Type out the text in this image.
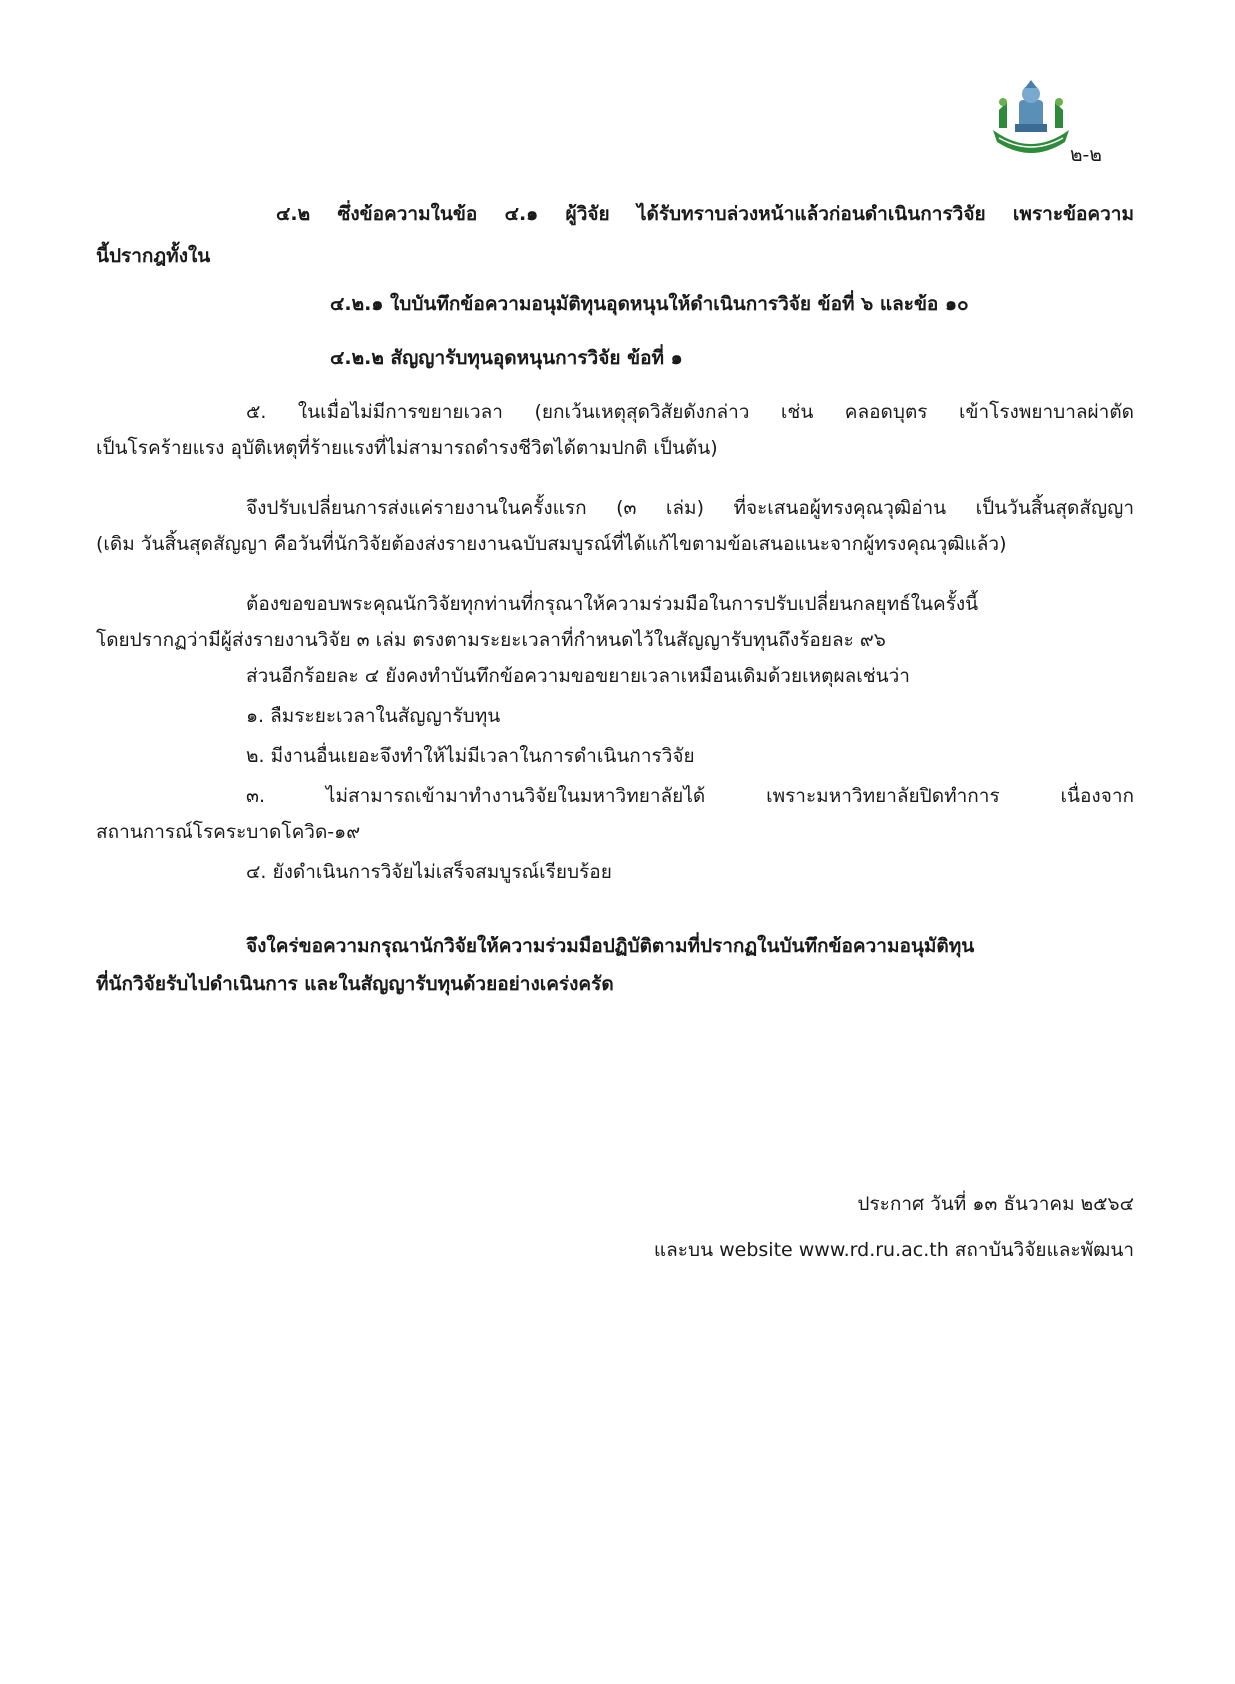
๒-๒
๔.๒ ซึ่งข้อความในข้อ ๔.๑ ผู้วิจัย ได้รับทราบล่วงหน้าแล้วก่อนดำเนินการวิจัย เพราะข้อความ
นี้ปรากฎทั้งใน
๔.๒.๑ ใบบันทึกข้อความอนุมัติทุนอุดหนุนให้ดำเนินการวิจัย ข้อที่ ๖ และข้อ ๑๐
๔.๒.๒ สัญญารับทุนอุดหนุนการวิจัย ข้อที่ ๑
๕. ในเมื่อไม่มีการขยายเวลา (ยกเว้นเหตุสุดวิสัยดังกล่าว เช่น คลอดบุตร เข้าโรงพยาบาลผ่าตัด
เป็นโรคร้ายแรง อุบัติเหตุที่ร้ายแรงที่ไม่สามารถดำรงชีวิตได้ตามปกติ เป็นต้น)
จึงปรับเปลี่ยนการส่งแค่รายงานในครั้งแรก (๓ เล่ม) ที่จะเสนอผู้ทรงคุณวุฒิอ่าน เป็นวันสิ้นสุดสัญญา
(เดิม วันสิ้นสุดสัญญา คือวันที่นักวิจัยต้องส่งรายงานฉบับสมบูรณ์ที่ได้แก้ไขตามข้อเสนอแนะจากผู้ทรงคุณวุฒิแล้ว)
ต้องขอขอบพระคุณนักวิจัยทุกท่านที่กรุณาให้ความร่วมมือในการปรับเปลี่ยนกลยุทธ์ในครั้งนี้
โดยปรากฏว่ามีผู้ส่งรายงานวิจัย ๓ เล่ม ตรงตามระยะเวลาที่กำหนดไว้ในสัญญารับทุนถึงร้อยละ ๙๖
ส่วนอีกร้อยละ ๔ ยังคงทำบันทึกข้อความขอขยายเวลาเหมือนเดิมด้วยเหตุผลเช่นว่า
๑. ลืมระยะเวลาในสัญญารับทุน
๒. มีงานอื่นเยอะจึงทำให้ไม่มีเวลาในการดำเนินการวิจัย
๓. ไม่สามารถเข้ามาทำงานวิจัยในมหาวิทยาลัยได้ เพราะมหาวิทยาลัยปิดทำการ เนื่องจาก
สถานการณ์โรคระบาดโควิด-๑๙
๔. ยังดำเนินการวิจัยไม่เสร็จสมบูรณ์เรียบร้อย
จึงใคร่ขอความกรุณานักวิจัยให้ความร่วมมือปฏิบัติตามที่ปรากฏในบันทึกข้อความอนุมัติทุน
ที่นักวิจัยรับไปดำเนินการ และในสัญญารับทุนด้วยอย่างเคร่งครัด
ประกาศ วันที่ ๑๓ ธันวาคม ๒๕๖๔
และบน website www.rd.ru.ac.th สถาบันวิจัยและพัฒนา
